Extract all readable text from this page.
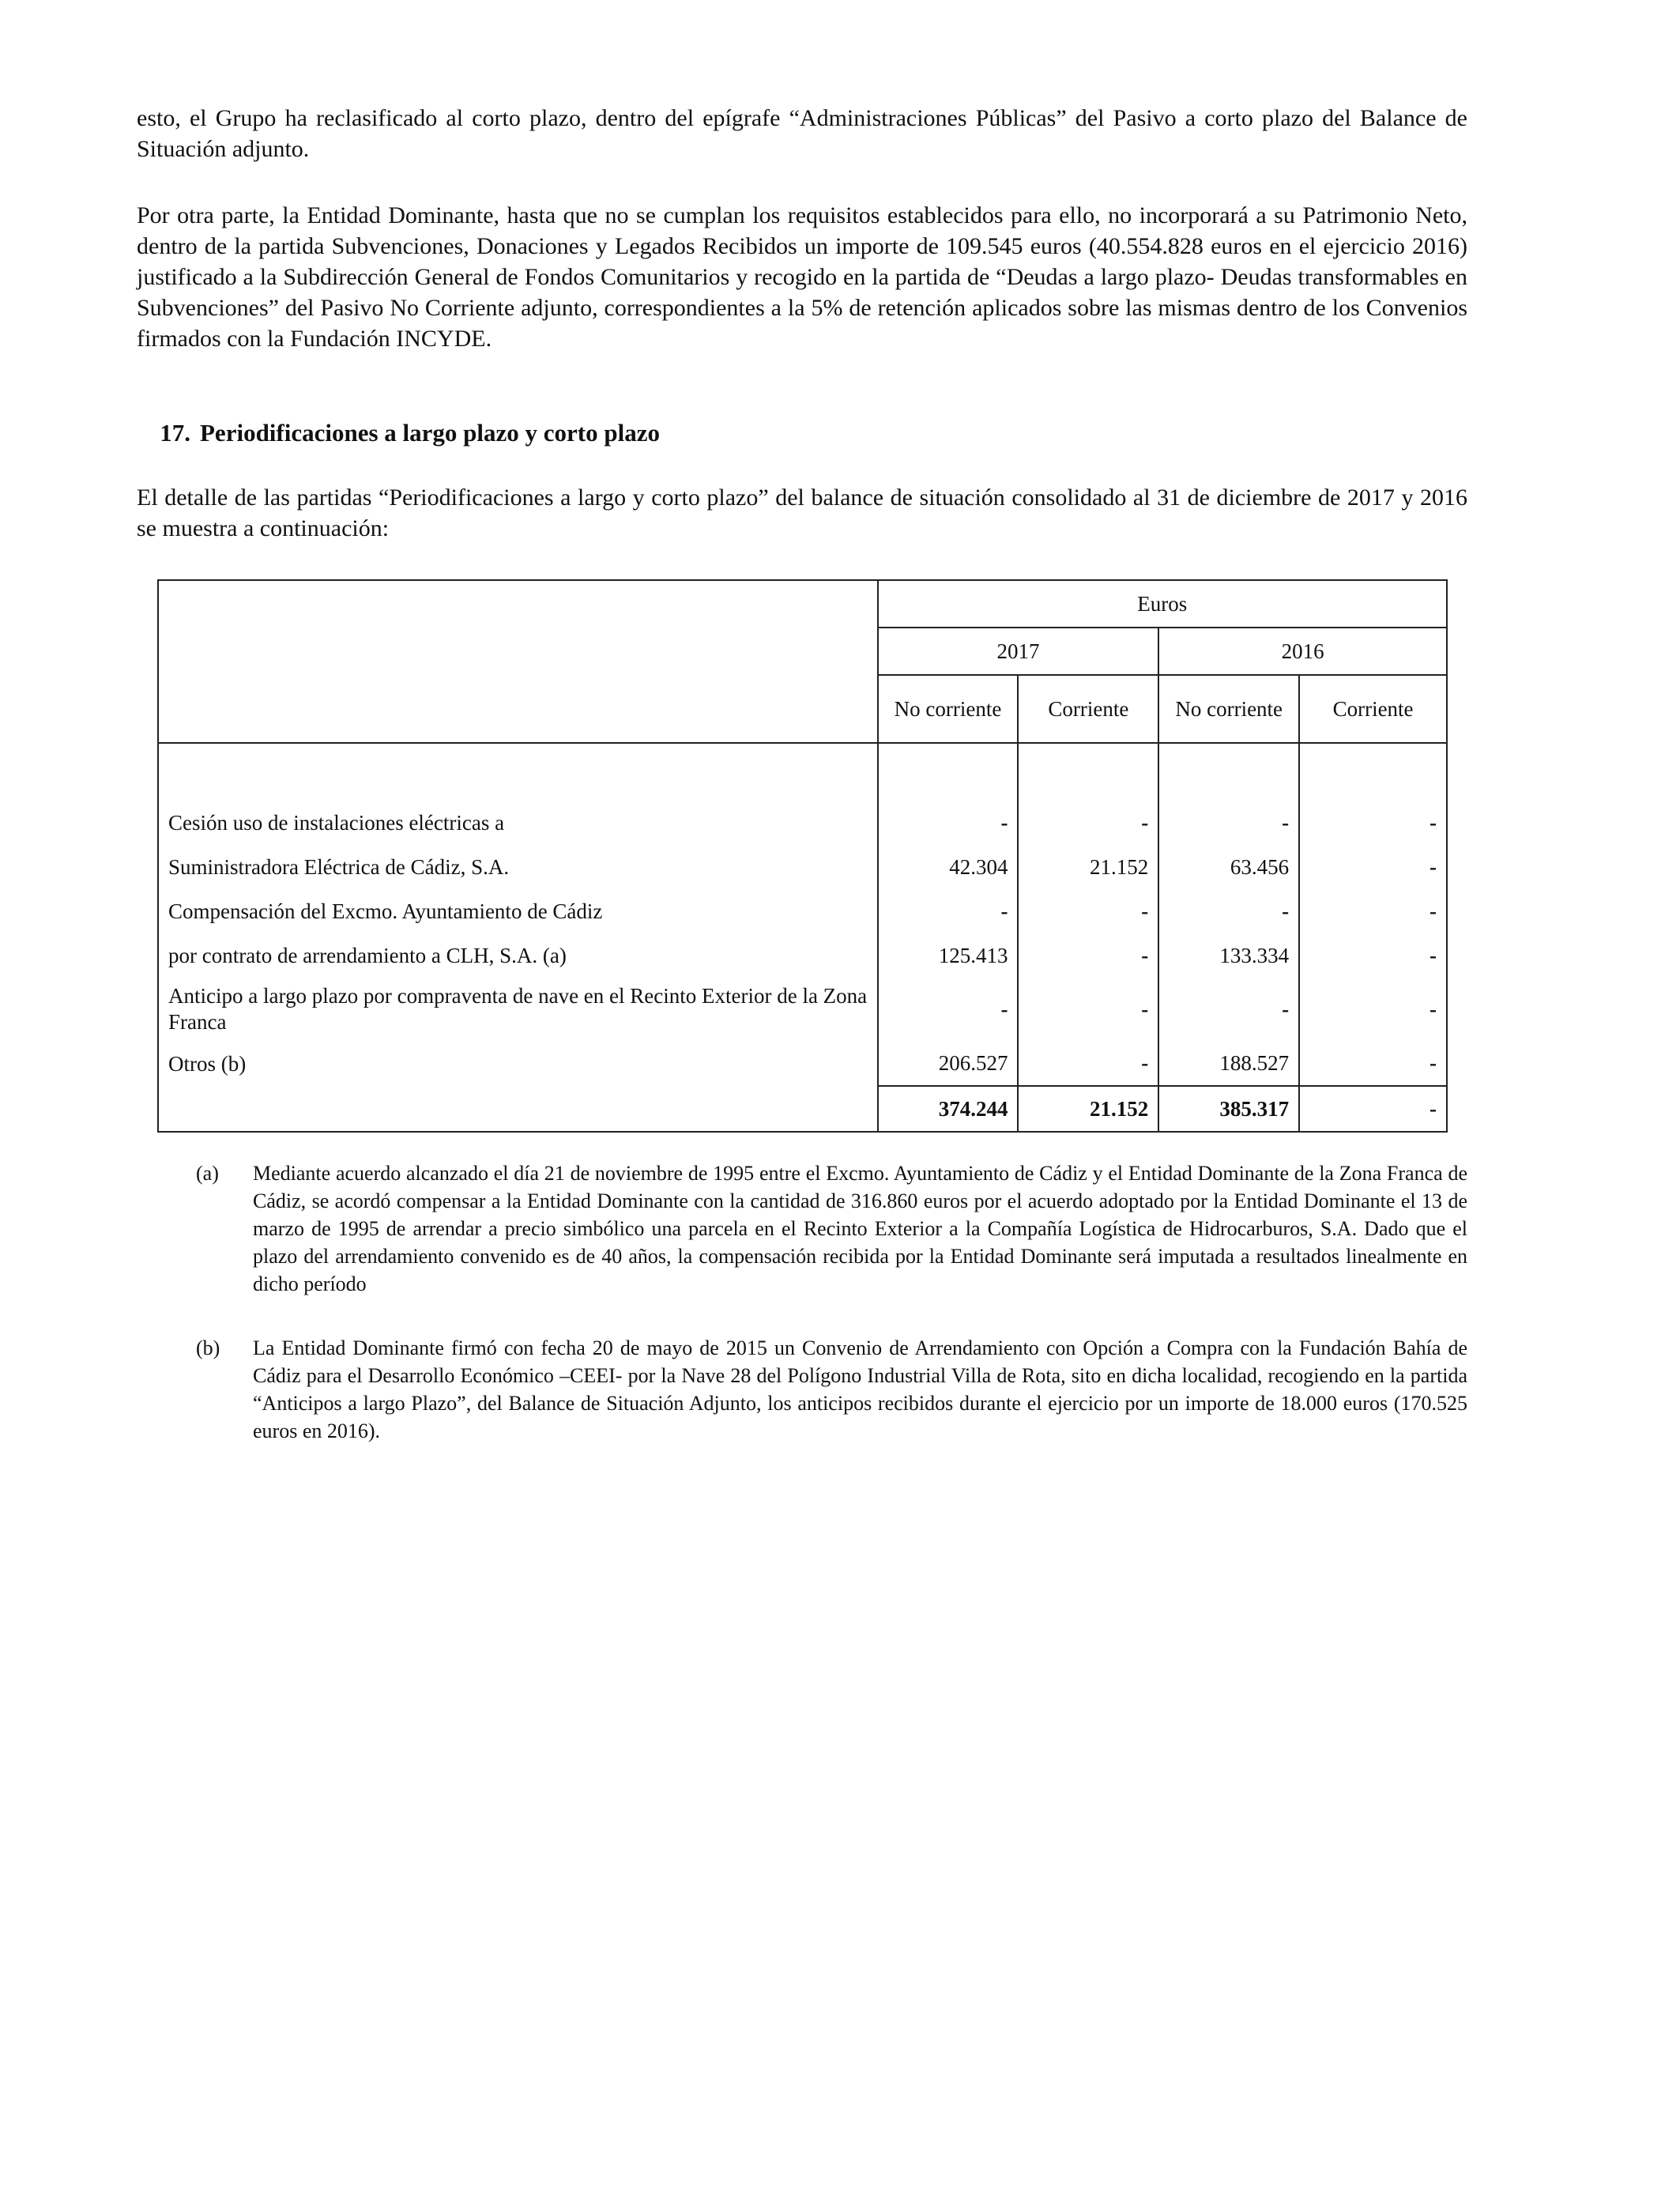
esto, el Grupo ha reclasificado al corto plazo, dentro del epígrafe “Administraciones Públicas” del Pasivo a corto plazo del Balance de Situación adjunto.

Por otra parte, la Entidad Dominante, hasta que no se cumplan los requisitos establecidos para ello, no incorporará a su Patrimonio Neto, dentro de la partida Subvenciones, Donaciones y Legados Recibidos un importe de 109.545 euros (40.554.828 euros en el ejercicio 2016) justificado a la Subdirección General de Fondos Comunitarios y recogido en la partida de “Deudas a largo plazo- Deudas transformables en Subvenciones” del Pasivo No Corriente adjunto, correspondientes a la 5% de retención aplicados sobre las mismas dentro de los Convenios firmados con la Fundación INCYDE.

17. Periodificaciones a largo plazo y corto plazo

El detalle de las partidas “Periodificaciones a largo y corto plazo” del balance de situación consolidado al 31 de diciembre de 2017 y 2016 se muestra a continuación:

	Euros			
	2017		2016	
	No corriente	Corriente	No corriente	Corriente

Cesión uso de instalaciones eléctricas a	-	-	-	-
Suministradora Eléctrica de Cádiz, S.A.	42.304	21.152	63.456	-
Compensación del Excmo. Ayuntamiento de Cádiz	-	-	-	-
por contrato de arrendamiento a CLH, S.A. (a)	125.413	-	133.334	-
Anticipo a largo plazo por compraventa de nave en el Recinto Exterior de la Zona Franca	-	-	-	-
Otros (b)	206.527	-	188.527	-
	374.244	21.152	385.317	-
(a)	Mediante acuerdo alcanzado el día 21 de noviembre de 1995 entre el Excmo. Ayuntamiento de Cádiz y el Entidad Dominante de la Zona Franca de Cádiz, se acordó compensar a la Entidad Dominante con la cantidad de 316.860 euros por el acuerdo adoptado por la Entidad Dominante el 13 de marzo de 1995 de arrendar a precio simbólico una parcela en el Recinto Exterior a la Compañía Logística de Hidrocarburos, S.A. Dado que el plazo del arrendamiento convenido es de 40 años, la compensación recibida por la Entidad Dominante será imputada a resultados linealmente en dicho período
(b)	La Entidad Dominante firmó con fecha 20 de mayo de 2015 un Convenio de Arrendamiento con Opción a Compra con la Fundación Bahía de Cádiz para el Desarrollo Económico –CEEI- por la Nave 28 del Polígono Industrial Villa de Rota, sito en dicha localidad, recogiendo en la partida “Anticipos a largo Plazo”, del Balance de Situación Adjunto, los anticipos recibidos durante el ejercicio por un importe de 18.000 euros (170.525 euros en 2016).
